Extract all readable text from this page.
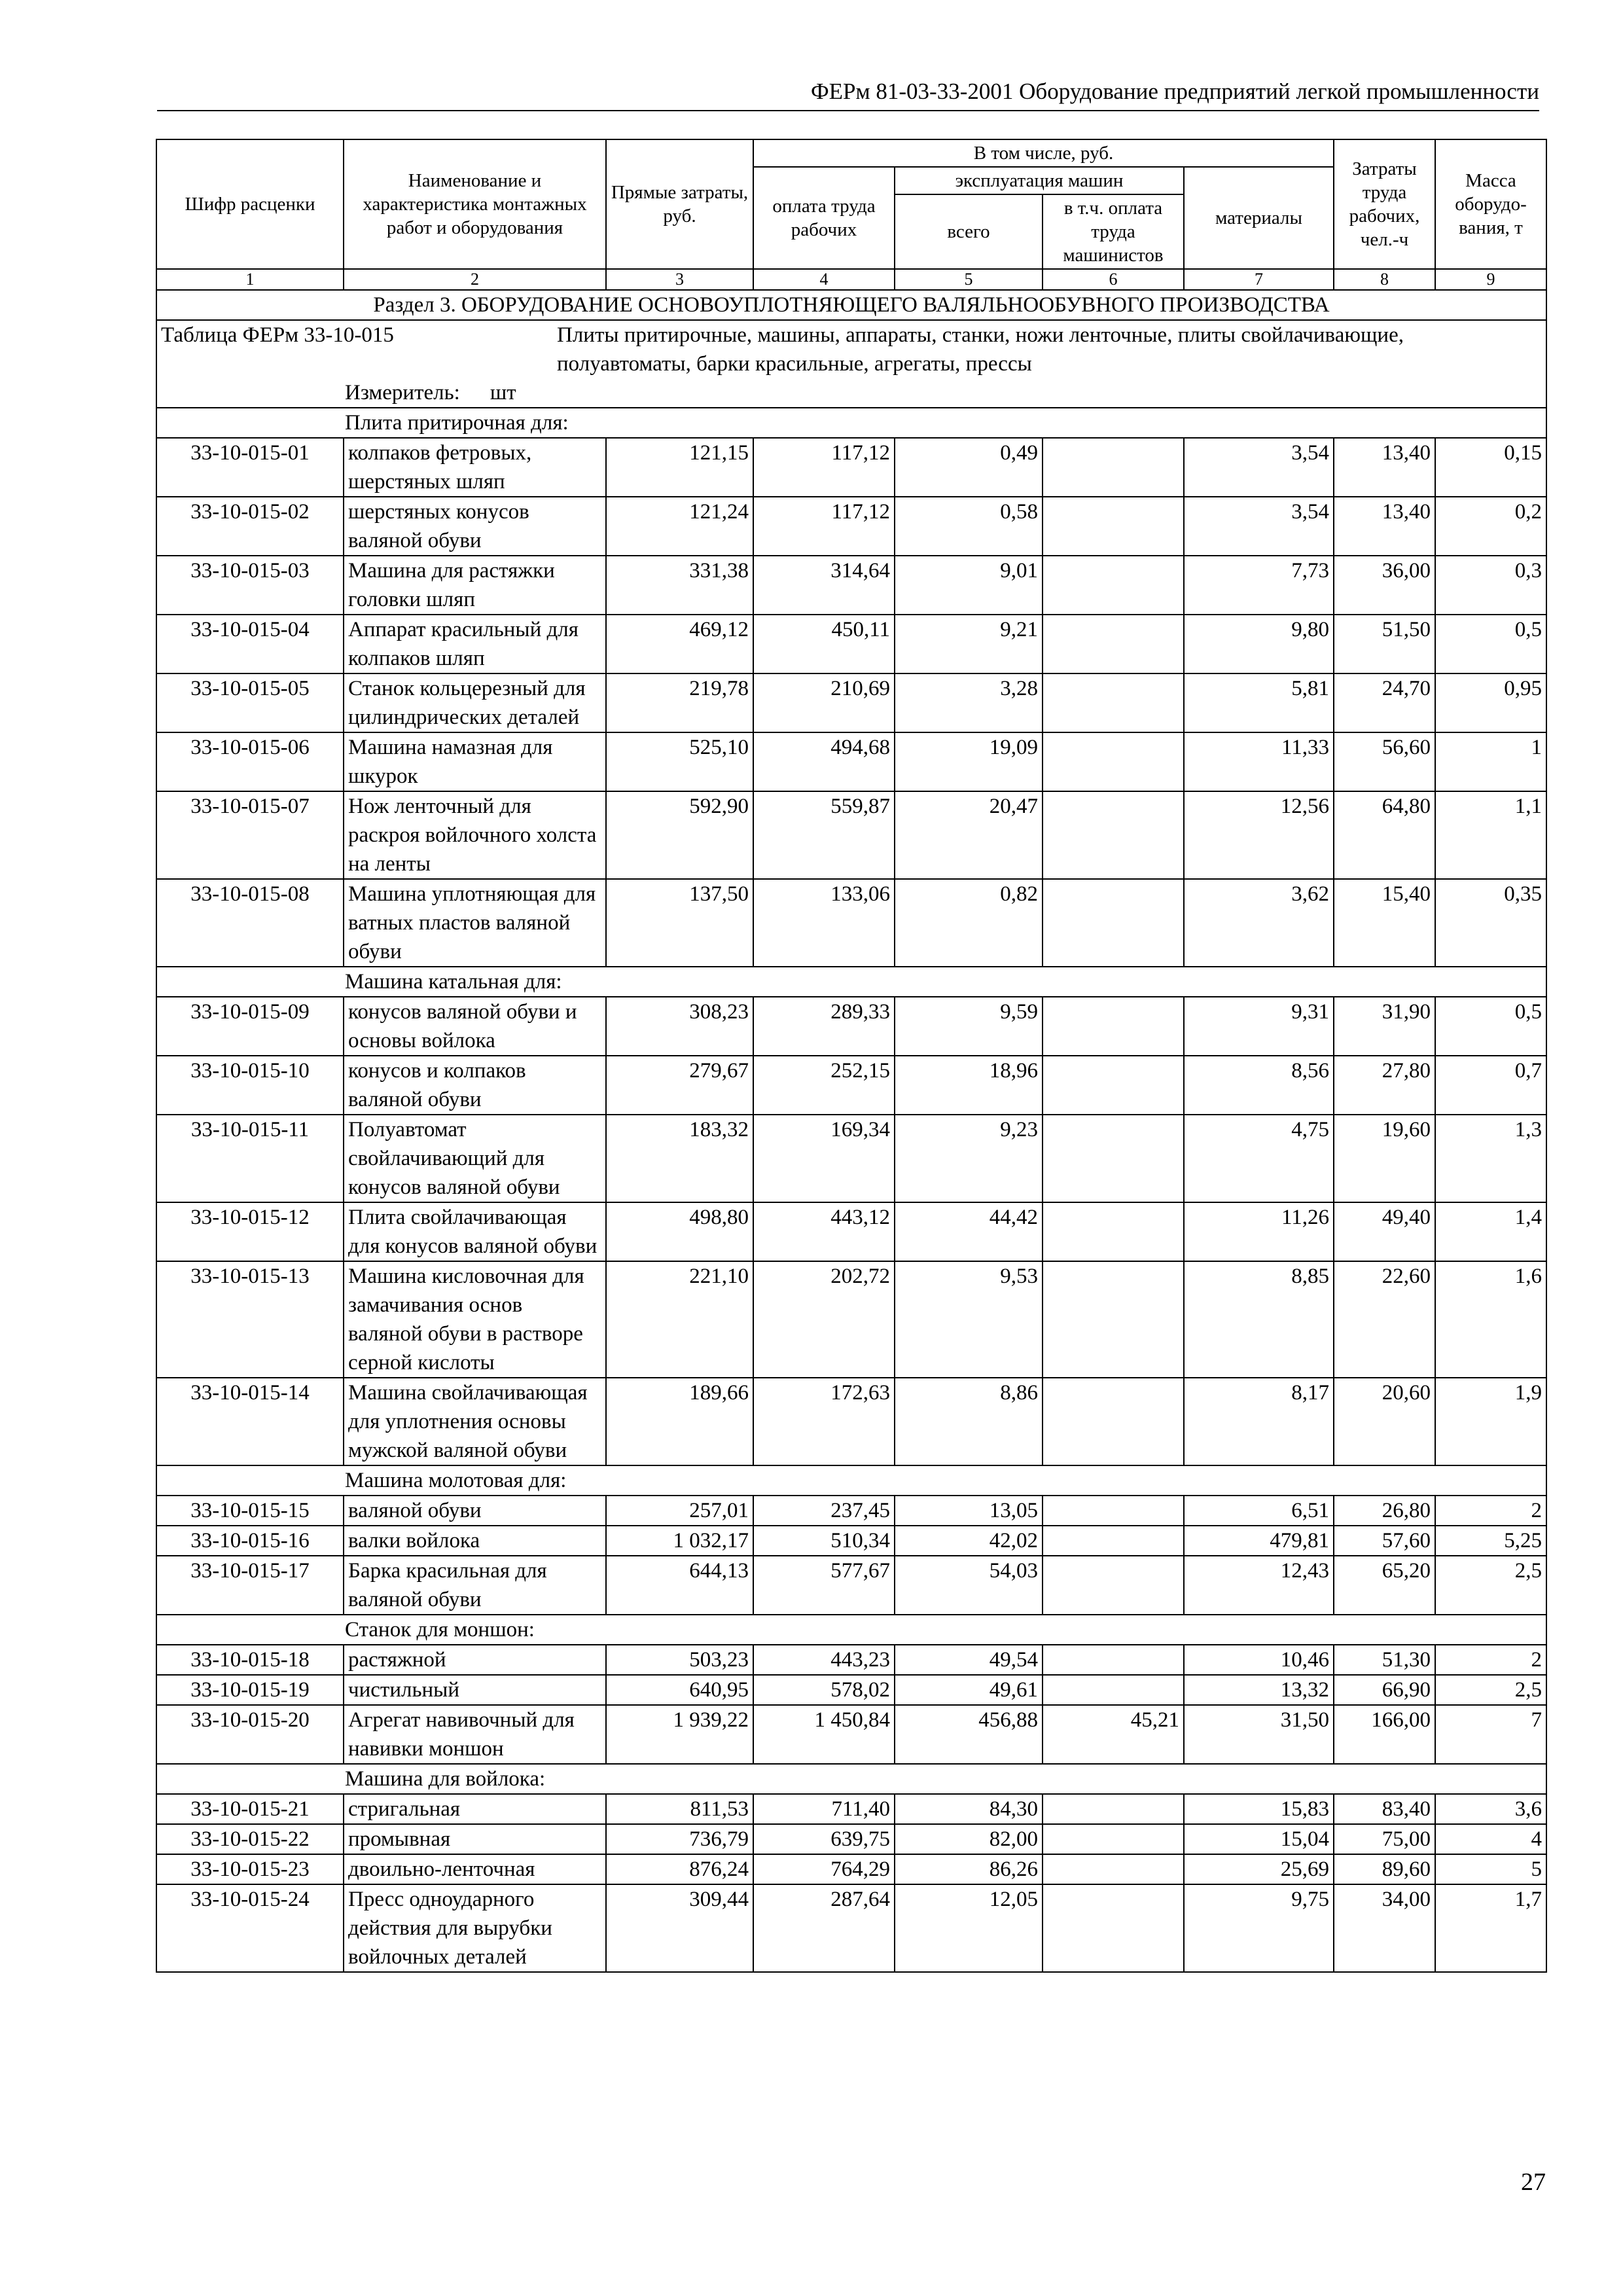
ФЕРм 81-03-33-2001 Оборудование предприятий легкой промышленности
Шифр расценки	Наименование и характеристика монтажных работ и оборудования	Прямые затраты, руб.	В том числе, руб.				Затраты труда рабочих, чел.-ч	Масса оборудо-вания, т
			оплата труда рабочих	эксплуатация машин		материалы		
				всего	в т.ч. оплата труда машинистов			
1	2	3	4	5	6	7	8	9
Раздел 3. ОБОРУДОВАНИЕ ОСНОВОУПЛОТНЯЮЩЕГО ВАЛЯЛЬНООБУВНОГО ПРОИЗВОДСТВА								
Таблица ФЕРм 33-10-015 Плиты притирочные, машины, аппараты, станки, ножи ленточные, плиты свойлачивающие, полуавтоматы, барки красильные, агрегаты, прессы								
Измеритель: шт								
Плита притирочная для:								
33-10-015-01	колпаков фетровых, шерстяных шляп	121,15	117,12	0,49		3,54	13,40	0,15
33-10-015-02	шерстяных конусов валяной обуви	121,24	117,12	0,58		3,54	13,40	0,2
33-10-015-03	Машина для растяжки головки шляп	331,38	314,64	9,01		7,73	36,00	0,3
33-10-015-04	Аппарат красильный для колпаков шляп	469,12	450,11	9,21		9,80	51,50	0,5
33-10-015-05	Станок кольцерезный для цилиндрических деталей	219,78	210,69	3,28		5,81	24,70	0,95
33-10-015-06	Машина намазная для шкурок	525,10	494,68	19,09		11,33	56,60	1
33-10-015-07	Нож ленточный для раскроя войлочного холста на ленты	592,90	559,87	20,47		12,56	64,80	1,1
33-10-015-08	Машина уплотняющая для ватных пластов валяной обуви	137,50	133,06	0,82		3,62	15,40	0,35
Машина катальная для:								
33-10-015-09	конусов валяной обуви и основы войлока	308,23	289,33	9,59		9,31	31,90	0,5
33-10-015-10	конусов и колпаков валяной обуви	279,67	252,15	18,96		8,56	27,80	0,7
33-10-015-11	Полуавтомат свойлачивающий для конусов валяной обуви	183,32	169,34	9,23		4,75	19,60	1,3
33-10-015-12	Плита свойлачивающая для конусов валяной обуви	498,80	443,12	44,42		11,26	49,40	1,4
33-10-015-13	Машина кисловочная для замачивания основ валяной обуви в растворе серной кислоты	221,10	202,72	9,53		8,85	22,60	1,6
33-10-015-14	Машина свойлачивающая для уплотнения основы мужской валяной обуви	189,66	172,63	8,86		8,17	20,60	1,9
Машина молотовая для:								
33-10-015-15	валяной обуви	257,01	237,45	13,05		6,51	26,80	2
33-10-015-16	валки войлока	1 032,17	510,34	42,02		479,81	57,60	5,25
33-10-015-17	Барка красильная для валяной обуви	644,13	577,67	54,03		12,43	65,20	2,5
Станок для моншон:								
33-10-015-18	растяжной	503,23	443,23	49,54		10,46	51,30	2
33-10-015-19	чистильный	640,95	578,02	49,61		13,32	66,90	2,5
33-10-015-20	Агрегат навивочный для навивки моншон	1 939,22	1 450,84	456,88	45,21	31,50	166,00	7
Машина для войлока:								
33-10-015-21	стригальная	811,53	711,40	84,30		15,83	83,40	3,6
33-10-015-22	промывная	736,79	639,75	82,00		15,04	75,00	4
33-10-015-23	двоильно-ленточная	876,24	764,29	86,26		25,69	89,60	5
33-10-015-24	Пресс одноударного действия для вырубки войлочных деталей	309,44	287,64	12,05		9,75	34,00	1,7
27
